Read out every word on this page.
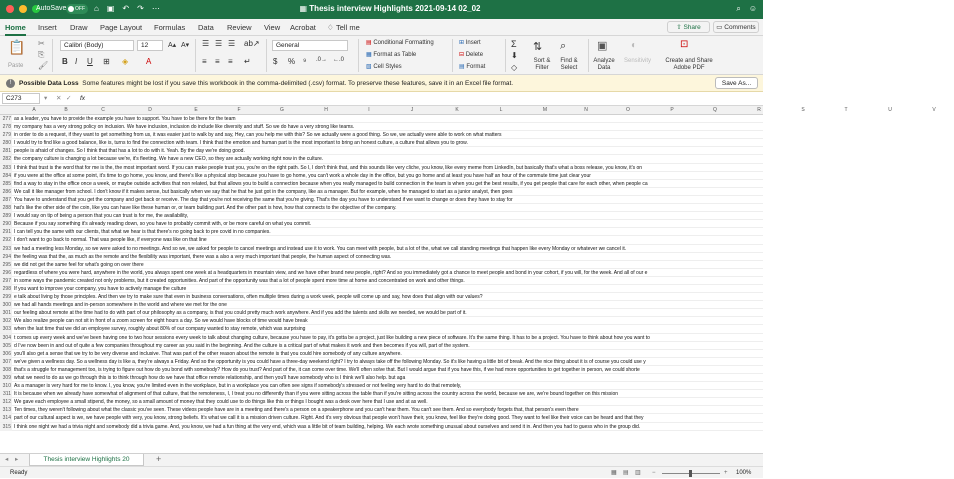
AutoSave	OFF	⌂ ▣ ↶ ↷ ⋯	▦ Thesis interview Highlights 2021-09-14 02_02	⌕ ☺
Home Insert Draw Page Layout Formulas Data Review View Acrobat ♢ Tell me	⇧ Share	▭ Comments
📋
Paste
✂
⎘
🖌
Calibri (Body)	12	A▴ A▾
B I U ⊞ ◈ A
☰ ☰ ☰ ab↗
≡ ≡ ≡ ↵
General
$ % ⁹ .0→ ←.0
▤ Conditional Formatting
▦ Format as Table
▧ Cell Styles
⊞ Insert
⊟ Delete
▤ Format
Σ
⬇
◇
⇅
Sort & Filter
⌕
Find & Select
▣
Analyze Data
◐
Sensitivity
⊡
Create and Share Adobe PDF
!	Possible Data Loss Some features might be lost if you save this workbook in the comma-delimited (.csv) format. To preserve these features, save it in an Excel file format.	Save As...
C273	▾ ✕ ✓ fx
A	B	C	D	E	F	G	H	I	J	K	L	M	N	O	P	Q	R	S	T	U	V
277 as a leader, you have to provide the example you have to support. You have to be there for the team
278 my company has a very strong policy on inclusion. We have inclusion, inclusion do include like diversity and stuff. So we do have a very strong like teams.
279 in order to do a request, if they want to get something from us, it was easier just to walk by and say, Hey, can you help me with this? So we actually were a good thing. So we, we actually were able to work on what matters
280 I would try to find like a good balance, like is, turns to find the connection with team. I think that the emotion and human part is the most important to bring an honest culture, a culture that allows you to grow.
281 people is afraid of changes. So I think that that has a lot to do with it. Yeah. By the day we're doing good.
282 the company culture is changing a lot because we're, it's fleeting. We have a new CEO, so they are actually working right now in the culture.
283 I think that trust is the word that for me is the, the most important word. If you can make people trust you, you're on the right path. So I, I don't think that, and this sounds like very cliche, you know, like every meme from LinkedIn, but basically that's what a boss release, you know, it's on
284 if you were at the office at some point, it's time to go home, you know, and there's like a physical stop because you have to go home, you can't work a whole day in the office, but you go home and at least you have half an hour of the commute time just clear your
285 find a way to stay in the office once a week, or maybe outside activities that non related, but that allows you to build a connection because when you really managed to build connection in the team is when you get the best results, if you get people that care for each other, when people ca
286 We call it like manager from school. I don't know if it makes sense, but basically when we say that he that he just got in the company, like as a manager. But for example, when he managed to start as a junior analyst, then goes
287 You have to understand that you get the company and get back or receive. The day that you're not receiving the same that you're giving. That's the day you have to understand if we want to change or does they have to stay for
288 hat's like the other side of the coin, like you can have like these human or, or team building part. And the other part is how, how that connects to the objective of the company.
289 I would say on tip of being a person that you can trust is for me, the availability,
290 Because if you say something it's already reading down, so you have to probably commit with, or be more careful on what you commit.
291 I can tell you the same with our clients, that what we hear is that there's no going back to pre covid in no companies.
292 I don't want to go back to normal. That was people like, if everyone was like on that line
293 we had a meeting less Monday, so we were asked to no meetings. And so we, we asked for people to cancel meetings and instead use it to work. You can meet with people, but a lot of the, what we call standing meetings that happen like every Monday or whatever we cancel it.
294 the feeling was that the, as much as the remote and the flexibility was important, there was a also a very much important that people, the human aspect of connecting was.
295 we did not get the same feel for what's going on over there
296 regardless of where you were hard, anywhere in the world, you always spent one week at a headquarters in mountain view, and we have other brand new people, right? And so you immediately got a chance to meet people and bond in your cohort, if you will, for the week. And all of our e
297 in some ways the pandemic created not only problems, but it created opportunities. And part of the opportunity was that a lot of people spent more time at home and concentrated on work and other things.
298 If you want to improve your company, you have to actively manage the culture
299 e talk about living by those principles. And then we try to make sure that even in business conversations, often multiple times during a work week, people will come up and say, how does that align with our values?
300 we had all hands meetings and in-person somewhere in the world and where we met for the one
301 our feeling about remote at the time had to do with part of our philosophy as a company, is that you could pretty much work anywhere. And if you add the talents and skills we needed, we would be part of it.
302 We also realize people can not sit in front of a zoom screen for eight hours a day. So we would have blocks of time would have break
303 when the last time that we did an employee survey, roughly about 80% of our company wanted to stay remote, which was surprising
304 t comes up every week and we've been having one to two hour sessions every week to talk about changing culture, because you have to pay, it's gotta be a project, just like building a new piece of software. It's the same thing. It has to be a project. You have to think about how you want to
305 d I've now been in and out of quite a few companies throughout my career as you said in the beginning. And the culture is a critical part of what makes it work and then becomes if you will, part of the system.
306 you'll also get a sense that we try to be very diverse and inclusive. That was part of the other reason about the remote is that you could hire somebody of any culture anywhere.
307 we've given a wellness day. So a wellness day is like a, they're always a Friday. And so the opportunity is you could have a three-day weekend right? I try to always take off the following Monday. So it's like having a little bit of break. And the nice thing about it is of course you could use y
308 that's a struggle for management too, is trying to figure out how do you bond with somebody? How do you trust? And part of the, it can come over time. We'll often solve that. But I would argue that if you have this, if we had more opportunities to get together in person, we could shorte
309 what we need to do as we go through this is to think through how do we have that office remote relationship, and then you'll have somebody who is I think we'll also help. but aga
310 As a manager is very hard for me to know. I, you know, you're limited even in the workplace, but in a workplace you can often see signs if somebody's stressed or not feeling very hard to do that remotely,
311 It is because when we already have somewhat of alignment of that culture, that the remoteness, I, I treat you no differently than if you were sitting across the table than if you're sitting across the country across the world, because we are, we're bound together on this mission
312 We gave each employee a small stipend, the money, so a small amount of money that they could use to do things like this or things I bought was a desk over here that I use and at as well.
313 Ten times, they weren't following about what the classic you've seen. These videos people have are in a meeting and there's a person on a speakerphone and you can't hear them. You can't see them. And so everybody forgets that, that person's even there
314 part of our cultural aspect is we, we have people with very, you know, strong beliefs. It's what we call it is a mission driven culture. Right. And it's very obvious that people won't have their, you know, feel like they're doing good. They want to feel like their voice can be heard and that they
315 I think one night we had a trivia night and somebody did a trivia game. And, you know, we had a fun thing at the very end, which was a little bit of team building, helping. We each wrote something unusual about ourselves and send it in. And then you had to guess who in the group did.
◂ ▸	Thesis interview Highlights 20	+
Ready	▦ ▤ ▥ −	+ 100%
